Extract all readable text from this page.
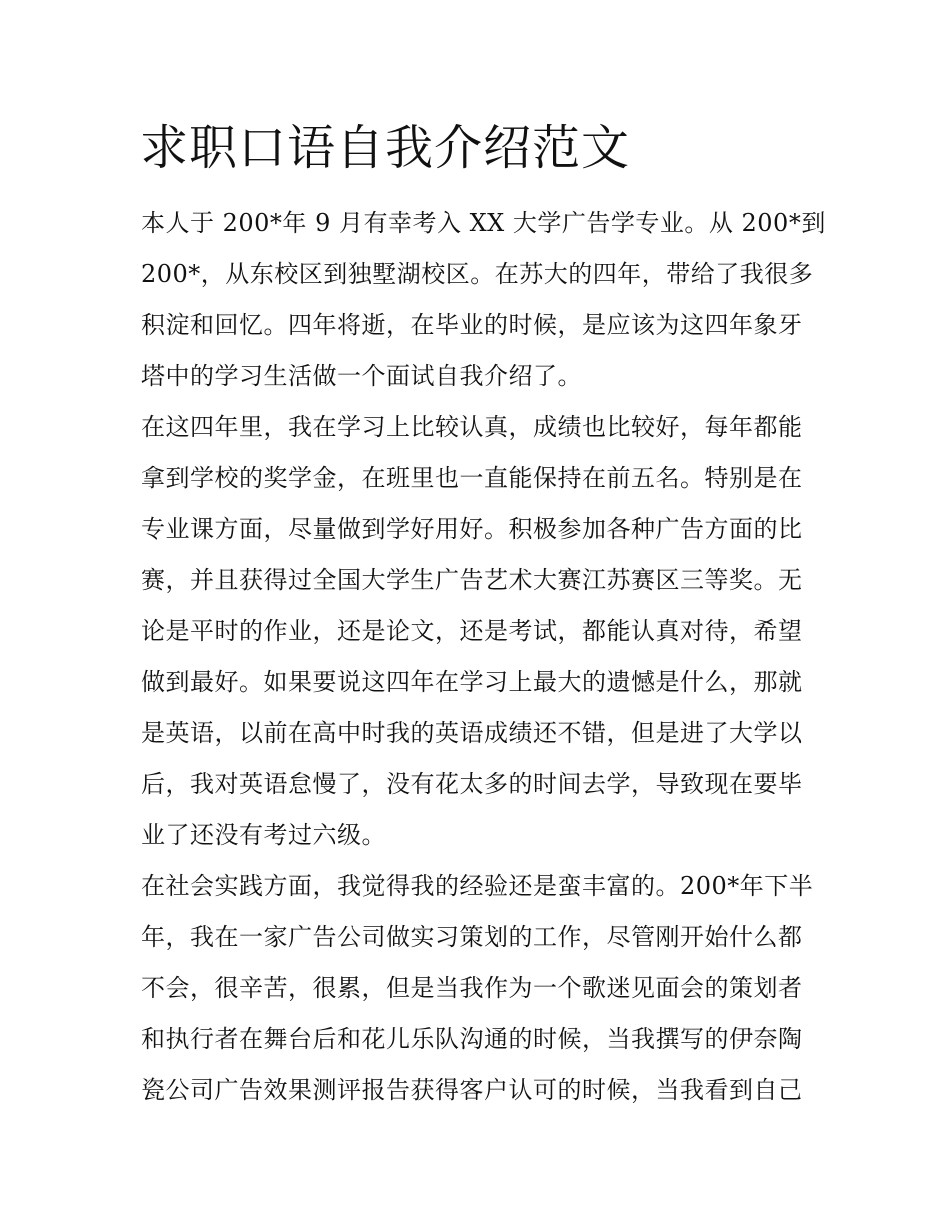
求职口语自我介绍范文
本人于 200*年 9 月有幸考入 XX 大学广告学专业。从 200*到
200*，从东校区到独墅湖校区。在苏大的四年，带给了我很多
积淀和回忆。四年将逝，在毕业的时候，是应该为这四年象牙
塔中的学习生活做一个面试自我介绍了。
在这四年里，我在学习上比较认真，成绩也比较好，每年都能
拿到学校的奖学金，在班里也一直能保持在前五名。特别是在
专业课方面，尽量做到学好用好。积极参加各种广告方面的比
赛，并且获得过全国大学生广告艺术大赛江苏赛区三等奖。无
论是平时的作业，还是论文，还是考试，都能认真对待，希望
做到最好。如果要说这四年在学习上最大的遗憾是什么，那就
是英语，以前在高中时我的英语成绩还不错，但是进了大学以
后，我对英语怠慢了，没有花太多的时间去学，导致现在要毕
业了还没有考过六级。
在社会实践方面，我觉得我的经验还是蛮丰富的。200*年下半
年，我在一家广告公司做实习策划的工作，尽管刚开始什么都
不会，很辛苦，很累，但是当我作为一个歌迷见面会的策划者
和执行者在舞台后和花儿乐队沟通的时候，当我撰写的伊奈陶
瓷公司广告效果测评报告获得客户认可的时候，当我看到自己
